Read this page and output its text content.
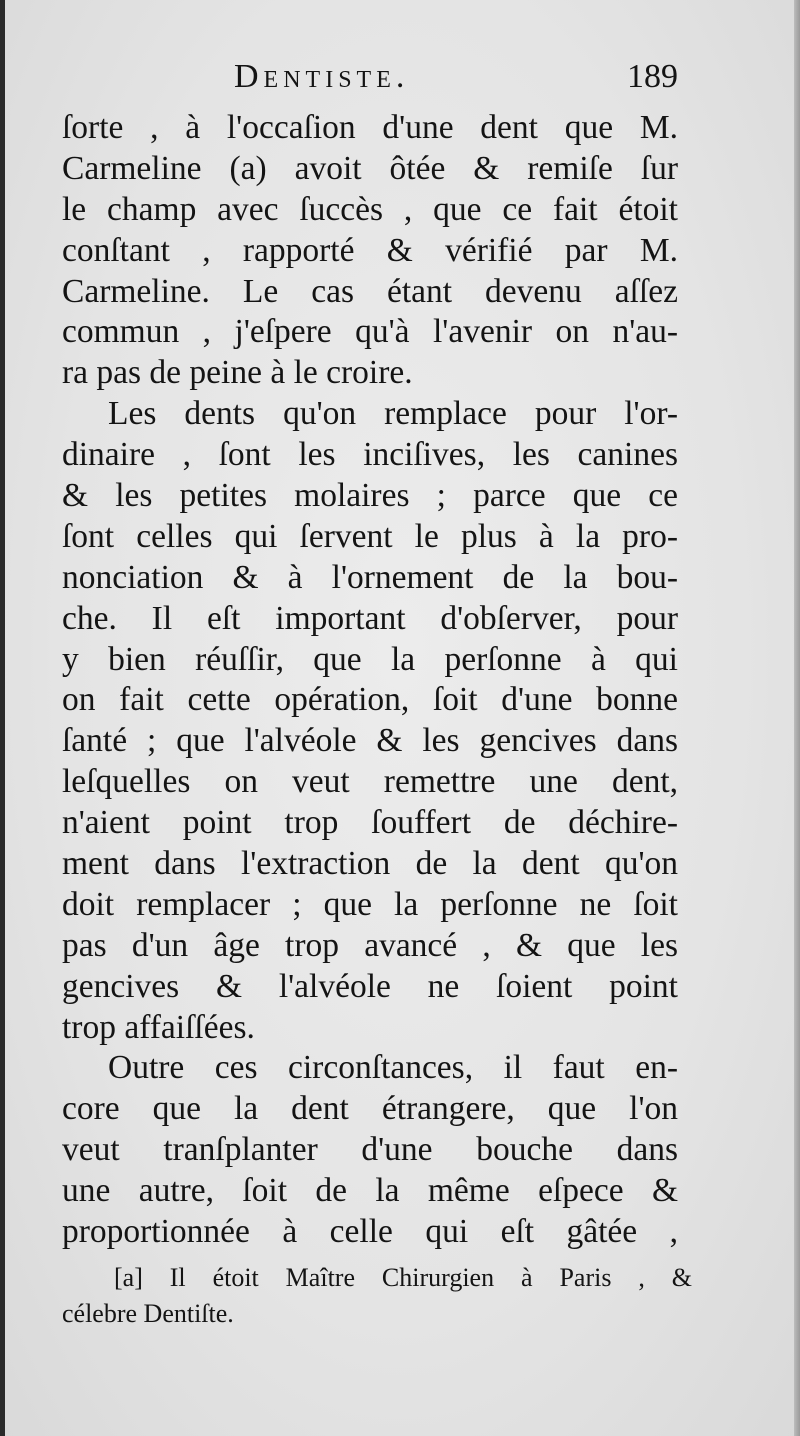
Dentiste.	189
ſorte , à l'occaſion d'une dent que M.
Carmeline (a) avoit ôtée & remiſe ſur
le champ avec ſuccès , que ce fait étoit
conſtant , rapporté & vérifié par M.
Carmeline. Le cas étant devenu aſſez
commun , j'eſpere qu'à l'avenir on n'au-
ra pas de peine à le croire.
Les dents qu'on remplace pour l'or-
dinaire , ſont les inciſives, les canines
& les petites molaires ; parce que ce
ſont celles qui ſervent le plus à la pro-
nonciation & à l'ornement de la bou-
che. Il eſt important d'obſerver, pour
y bien réuſſir, que la perſonne à qui
on fait cette opération, ſoit d'une bonne
ſanté ; que l'alvéole & les gencives dans
leſquelles on veut remettre une dent,
n'aient point trop ſouffert de déchire-
ment dans l'extraction de la dent qu'on
doit remplacer ; que la perſonne ne ſoit
pas d'un âge trop avancé , & que les
gencives & l'alvéole ne ſoient point
trop affaiſſées.
Outre ces circonſtances, il faut en-
core que la dent étrangere, que l'on
veut tranſplanter d'une bouche dans
une autre, ſoit de la même eſpece &
proportionnée à celle qui eſt gâtée ,
[a] Il étoit Maître Chirurgien à Paris , &
célebre Dentiſte.
